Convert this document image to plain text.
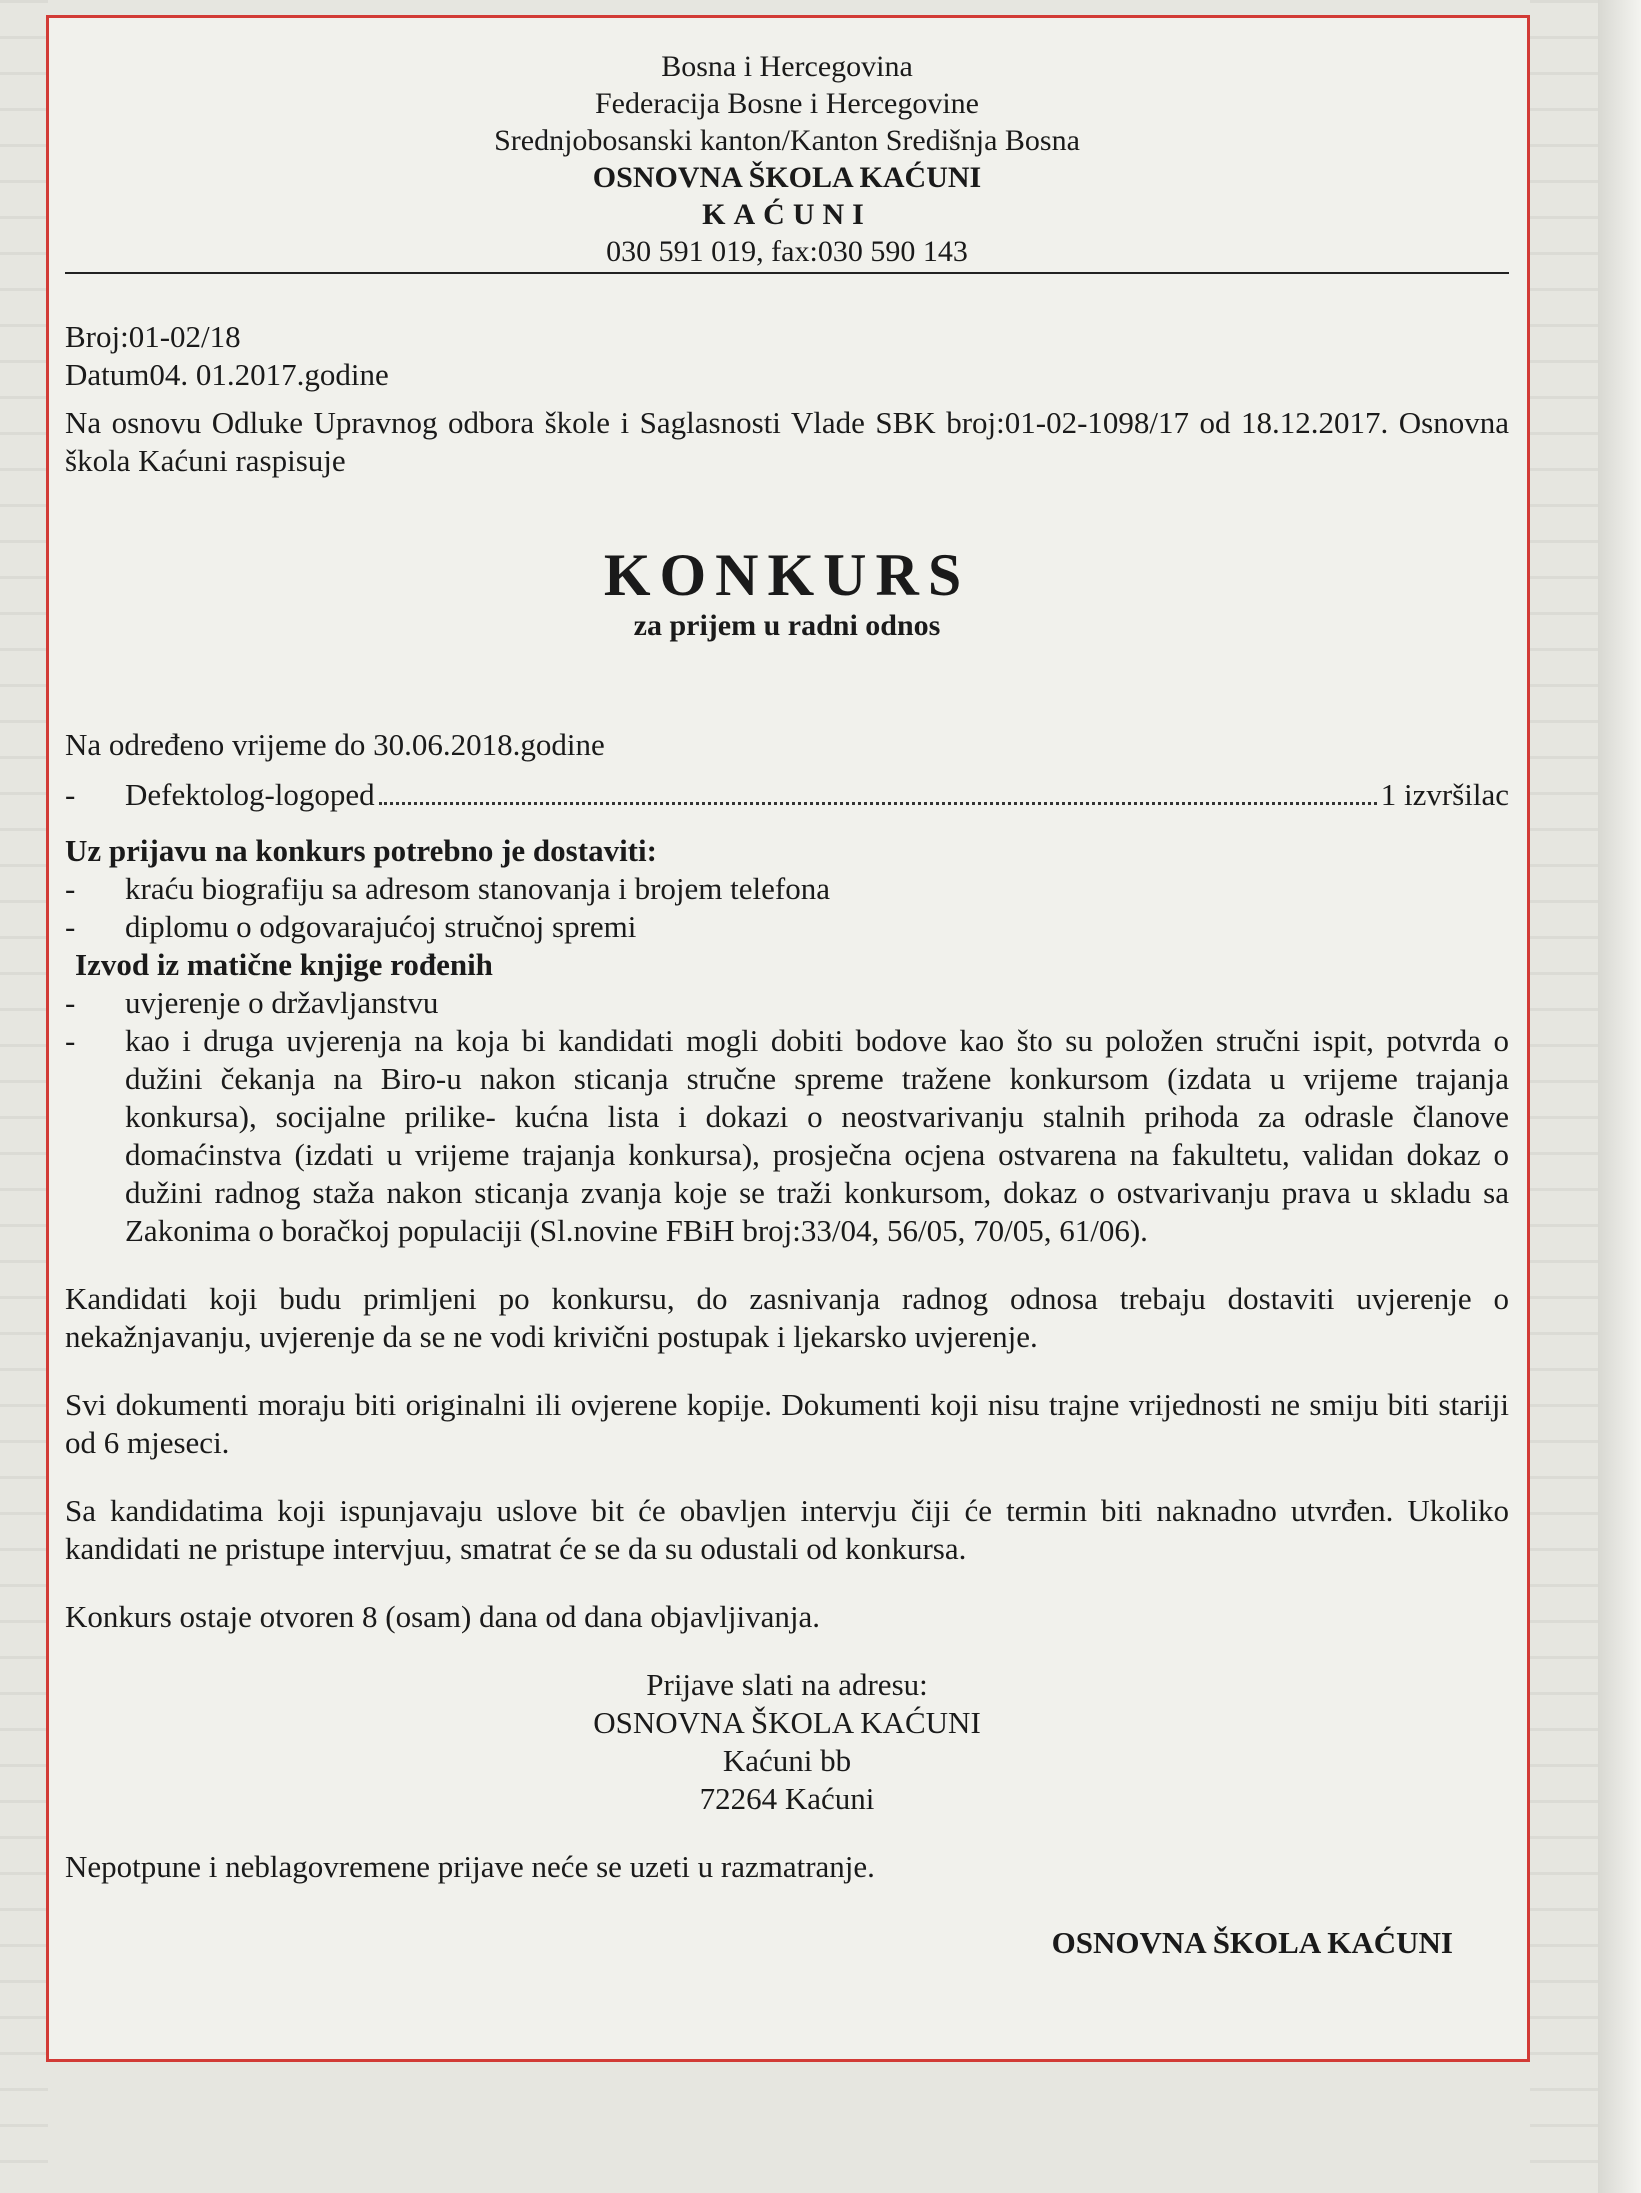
Bosna i Hercegovina
Federacija Bosne i Hercegovine
Srednjobosanski kanton/Kanton Središnja Bosna
OSNOVNA ŠKOLA KAĆUNI
KAĆUNI
030 591 019, fax:030 590 143

Broj:01-02/18

Datum04. 01.2017.godine

Na osnovu Odluke Upravnog odbora škole i Saglasnosti Vlade SBK broj:01-02-1098/17 od 18.12.2017. Osnovna škola Kaćuni raspisuje

KONKURS
za prijem u radni odnos

Na određeno vrijeme do 30.06.2018.godine

-	Defektolog-logoped	1 izvršilac

Uz prijavu na konkurs potrebno je dostaviti:

-	kraću biografiju sa adresom stanovanja i brojem telefona
-	diplomu o odgovarajućoj stručnoj spremi

Izvod iz matične knjige rođenih

-	uvjerenje o državljanstvu
-	kao i druga uvjerenja na koja bi kandidati mogli dobiti bodove kao što su položen stručni ispit, potvrda o dužini čekanja na Biro-u nakon sticanja stručne spreme tražene konkursom (izdata u vrijeme trajanja konkursa), socijalne prilike- kućna lista i dokazi o neostvarivanju stalnih prihoda za odrasle članove domaćinstva (izdati u vrijeme trajanja konkursa), prosječna ocjena ostvarena na fakultetu, validan dokaz o dužini radnog staža nakon sticanja zvanja koje se traži konkursom, dokaz o ostvarivanju prava u skladu sa Zakonima o boračkoj populaciji (Sl.novine FBiH broj:33/04, 56/05, 70/05, 61/06).

Kandidati koji budu primljeni po konkursu, do zasnivanja radnog odnosa trebaju dostaviti uvjerenje o nekažnjavanju, uvjerenje da se ne vodi krivični postupak i ljekarsko uvjerenje.

Svi dokumenti moraju biti originalni ili ovjerene kopije. Dokumenti koji nisu trajne vrijednosti ne smiju biti stariji od 6 mjeseci.

Sa kandidatima koji ispunjavaju uslove bit će obavljen intervju čiji će termin biti naknadno utvrđen. Ukoliko kandidati ne pristupe intervjuu, smatrat će se da su odustali od konkursa.

Konkurs ostaje otvoren 8 (osam) dana od dana objavljivanja.

Prijave slati na adresu:

OSNOVNA ŠKOLA KAĆUNI

Kaćuni bb

72264 Kaćuni

Nepotpune i neblagovremene prijave neće se uzeti u razmatranje.

OSNOVNA ŠKOLA KAĆUNI
